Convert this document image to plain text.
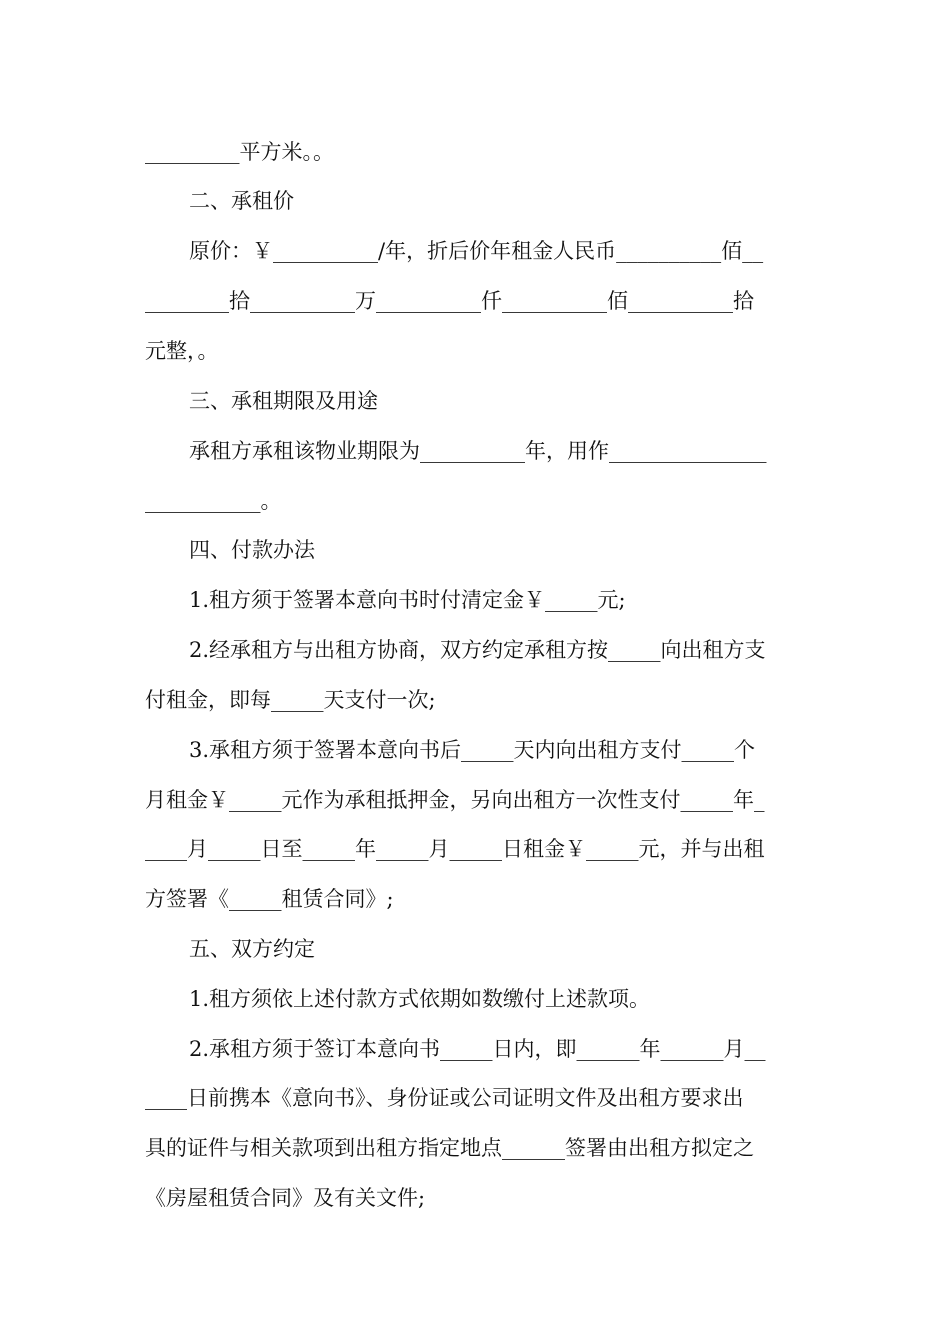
_________平方米。。
二、承租价
原价：￥__________/年，折后价年租金人民币__________佰__
________拾__________万__________仟__________佰__________拾
元整，。
三、承租期限及用途
承租方承租该物业期限为__________年，用作_______________
___________。
四、付款办法
1.租方须于签署本意向书时付清定金￥_____元;
2.经承租方与出租方协商，双方约定承租方按_____向出租方支
付租金，即每_____天支付一次;
3.承租方须于签署本意向书后_____天内向出租方支付_____个
月租金￥_____元作为承租抵押金，另向出租方一次性支付_____年_
____月_____日至_____年_____月_____日租金￥_____元，并与出租
方签署《_____租赁合同》;
五、双方约定
1.租方须依上述付款方式依期如数缴付上述款项。
2.承租方须于签订本意向书_____日内，即______年______月__
____日前携本《意向书》、身份证或公司证明文件及出租方要求出
具的证件与相关款项到出租方指定地点______签署由出租方拟定之
《房屋租赁合同》及有关文件;
